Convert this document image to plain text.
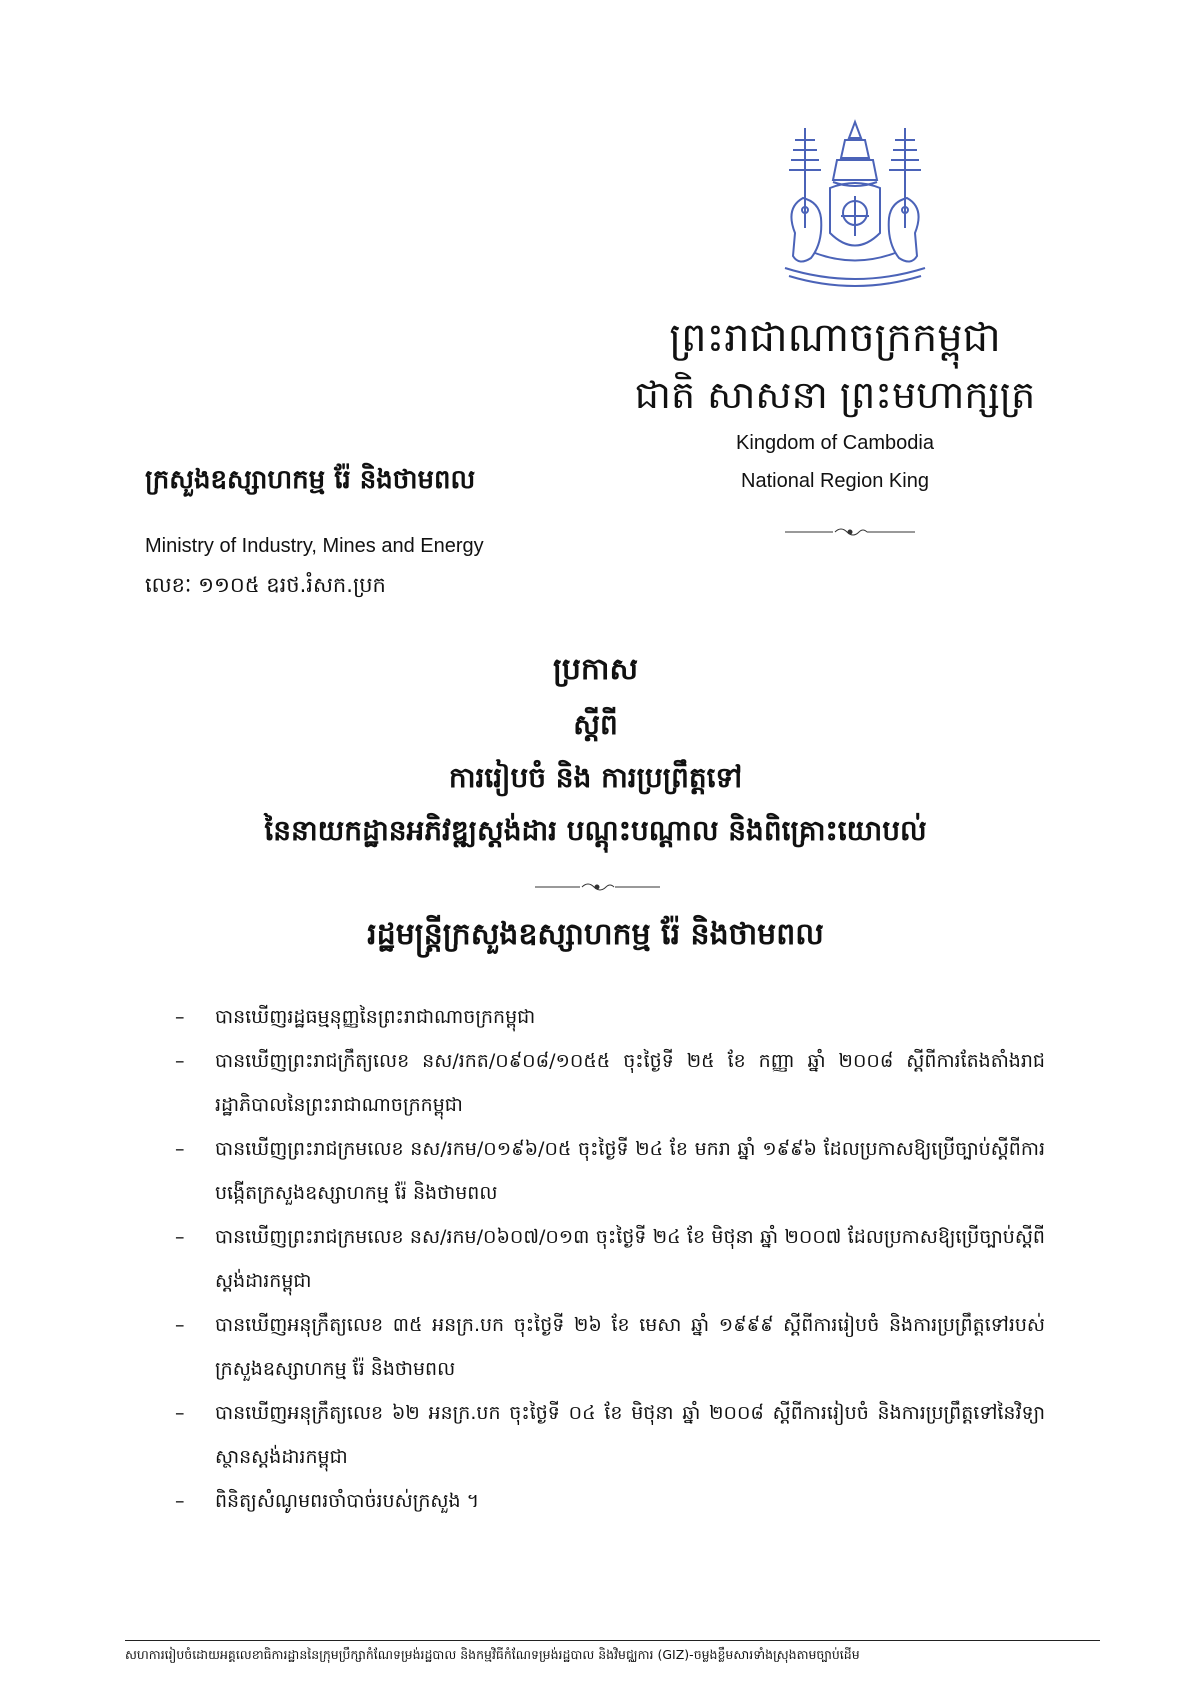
ព្រះរាជាណាចក្រកម្ពុជា
ជាតិ សាសនា ព្រះមហាក្សត្រ
Kingdom of Cambodia
National Region King
ក្រសួងឧស្សាហកម្ម រ៉ែ និងថាមពល
Ministry of Industry, Mines and Energy
លេខៈ ១១០៥ ឧរថ.រំសក.ប្រក
ប្រកាស
ស្តីពី
ការរៀបចំ និង ការប្រព្រឹត្តទៅ
នៃនាយកដ្ឋានអភិវឌ្ឍស្តង់ដារ បណ្តុះបណ្តាល និងពិគ្រោះយោបល់
រដ្ឋមន្ត្រីក្រសួងឧស្សាហកម្ម រ៉ែ និងថាមពល
– បានឃើញរដ្ឋធម្មនុញ្ញនៃព្រះរាជាណាចក្រកម្ពុជា
– បានឃើញព្រះរាជក្រឹត្យលេខ នស/រកត/០៩០៨/១០៥៥ ចុះថ្ងៃទី ២៥ ខែ កញ្ញា ឆ្នាំ ២០០៨ ស្តីពីការតែងតាំងរាជរដ្ឋាភិបាលនៃព្រះរាជាណាចក្រកម្ពុជា
– បានឃើញព្រះរាជក្រមលេខ នស/រកម/០១៩៦/០៥ ចុះថ្ងៃទី ២៤ ខែ មករា ឆ្នាំ ១៩៩៦ ដែលប្រកាសឱ្យប្រើច្បាប់ស្តីពីការបង្កើតក្រសួងឧស្សាហកម្ម រ៉ែ និងថាមពល
– បានឃើញព្រះរាជក្រមលេខ នស/រកម/០៦០៧/០១៣ ចុះថ្ងៃទី ២៤ ខែ មិថុនា ឆ្នាំ ២០០៧ ដែលប្រកាសឱ្យប្រើច្បាប់ស្តីពីស្តង់ដារកម្ពុជា
– បានឃើញអនុក្រឹត្យលេខ ៣៥ អនក្រ.បក ចុះថ្ងៃទី ២៦ ខែ មេសា ឆ្នាំ ១៩៩៩ ស្តីពីការរៀបចំ និងការប្រព្រឹត្តទៅរបស់ក្រសួងឧស្សាហកម្ម រ៉ែ និងថាមពល
– បានឃើញអនុក្រឹត្យលេខ ៦២ អនក្រ.បក ចុះថ្ងៃទី ០៤ ខែ មិថុនា ឆ្នាំ ២០០៨ ស្តីពីការរៀបចំ និងការប្រព្រឹត្តទៅនៃវិទ្យាស្ថានស្តង់ដារកម្ពុជា
– ពិនិត្យសំណូមពរចាំបាច់របស់ក្រសួង ។
សហការរៀបចំដោយអគ្គលេខាធិការដ្ឋាននៃក្រុមប្រឹក្សាកំណែទម្រង់រដ្ឋបាល និងកម្មវិធីកំណែទម្រង់រដ្ឋបាល និងវិមជ្ឈការ (GIZ)-ចម្លងខ្លឹមសារទាំងស្រុងតាមច្បាប់ដើម
